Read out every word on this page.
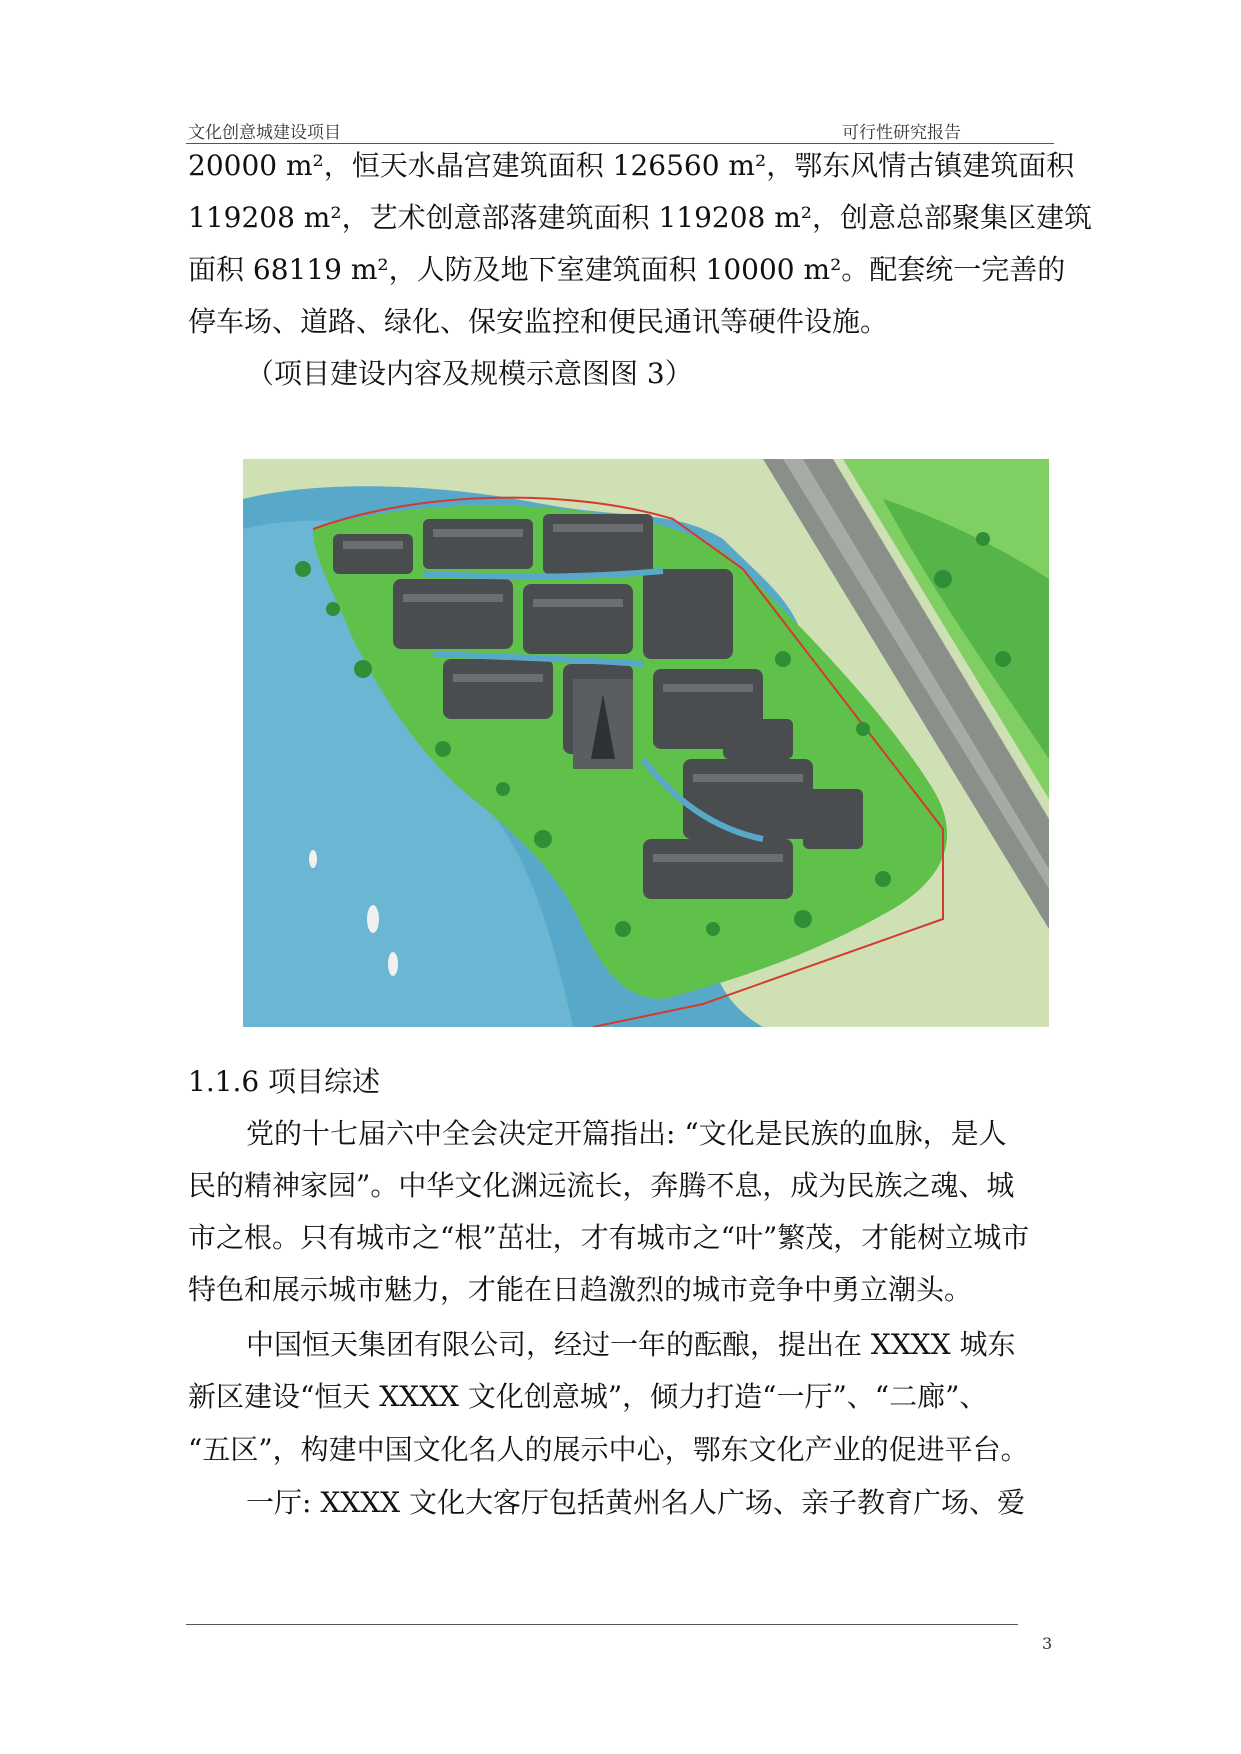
文化创意城建设项目	可行性研究报告
20000 m²，恒天水晶宫建筑面积 126560 m²，鄂东风情古镇建筑面积
119208 m²，艺术创意部落建筑面积 119208 m²，创意总部聚集区建筑
面积 68119 m²，人防及地下室建筑面积 10000 m²。配套统一完善的
停车场、道路、绿化、保安监控和便民通讯等硬件设施。
（项目建设内容及规模示意图图 3）
1.1.6 项目综述
党的十七届六中全会决定开篇指出: “文化是民族的血脉，是人
民的精神家园”。中华文化渊远流长，奔腾不息，成为民族之魂、城
市之根。只有城市之“根”茁壮，才有城市之“叶”繁茂，才能树立城市
特色和展示城市魅力，才能在日趋激烈的城市竞争中勇立潮头。
中国恒天集团有限公司，经过一年的酝酿，提出在 XXXX 城东
新区建设“恒天 XXXX 文化创意城”，倾力打造“一厅”、“二廊”、
“五区”，构建中国文化名人的展示中心，鄂东文化产业的促进平台。
一厅: XXXX 文化大客厅包括黄州名人广场、亲子教育广场、爱
3
